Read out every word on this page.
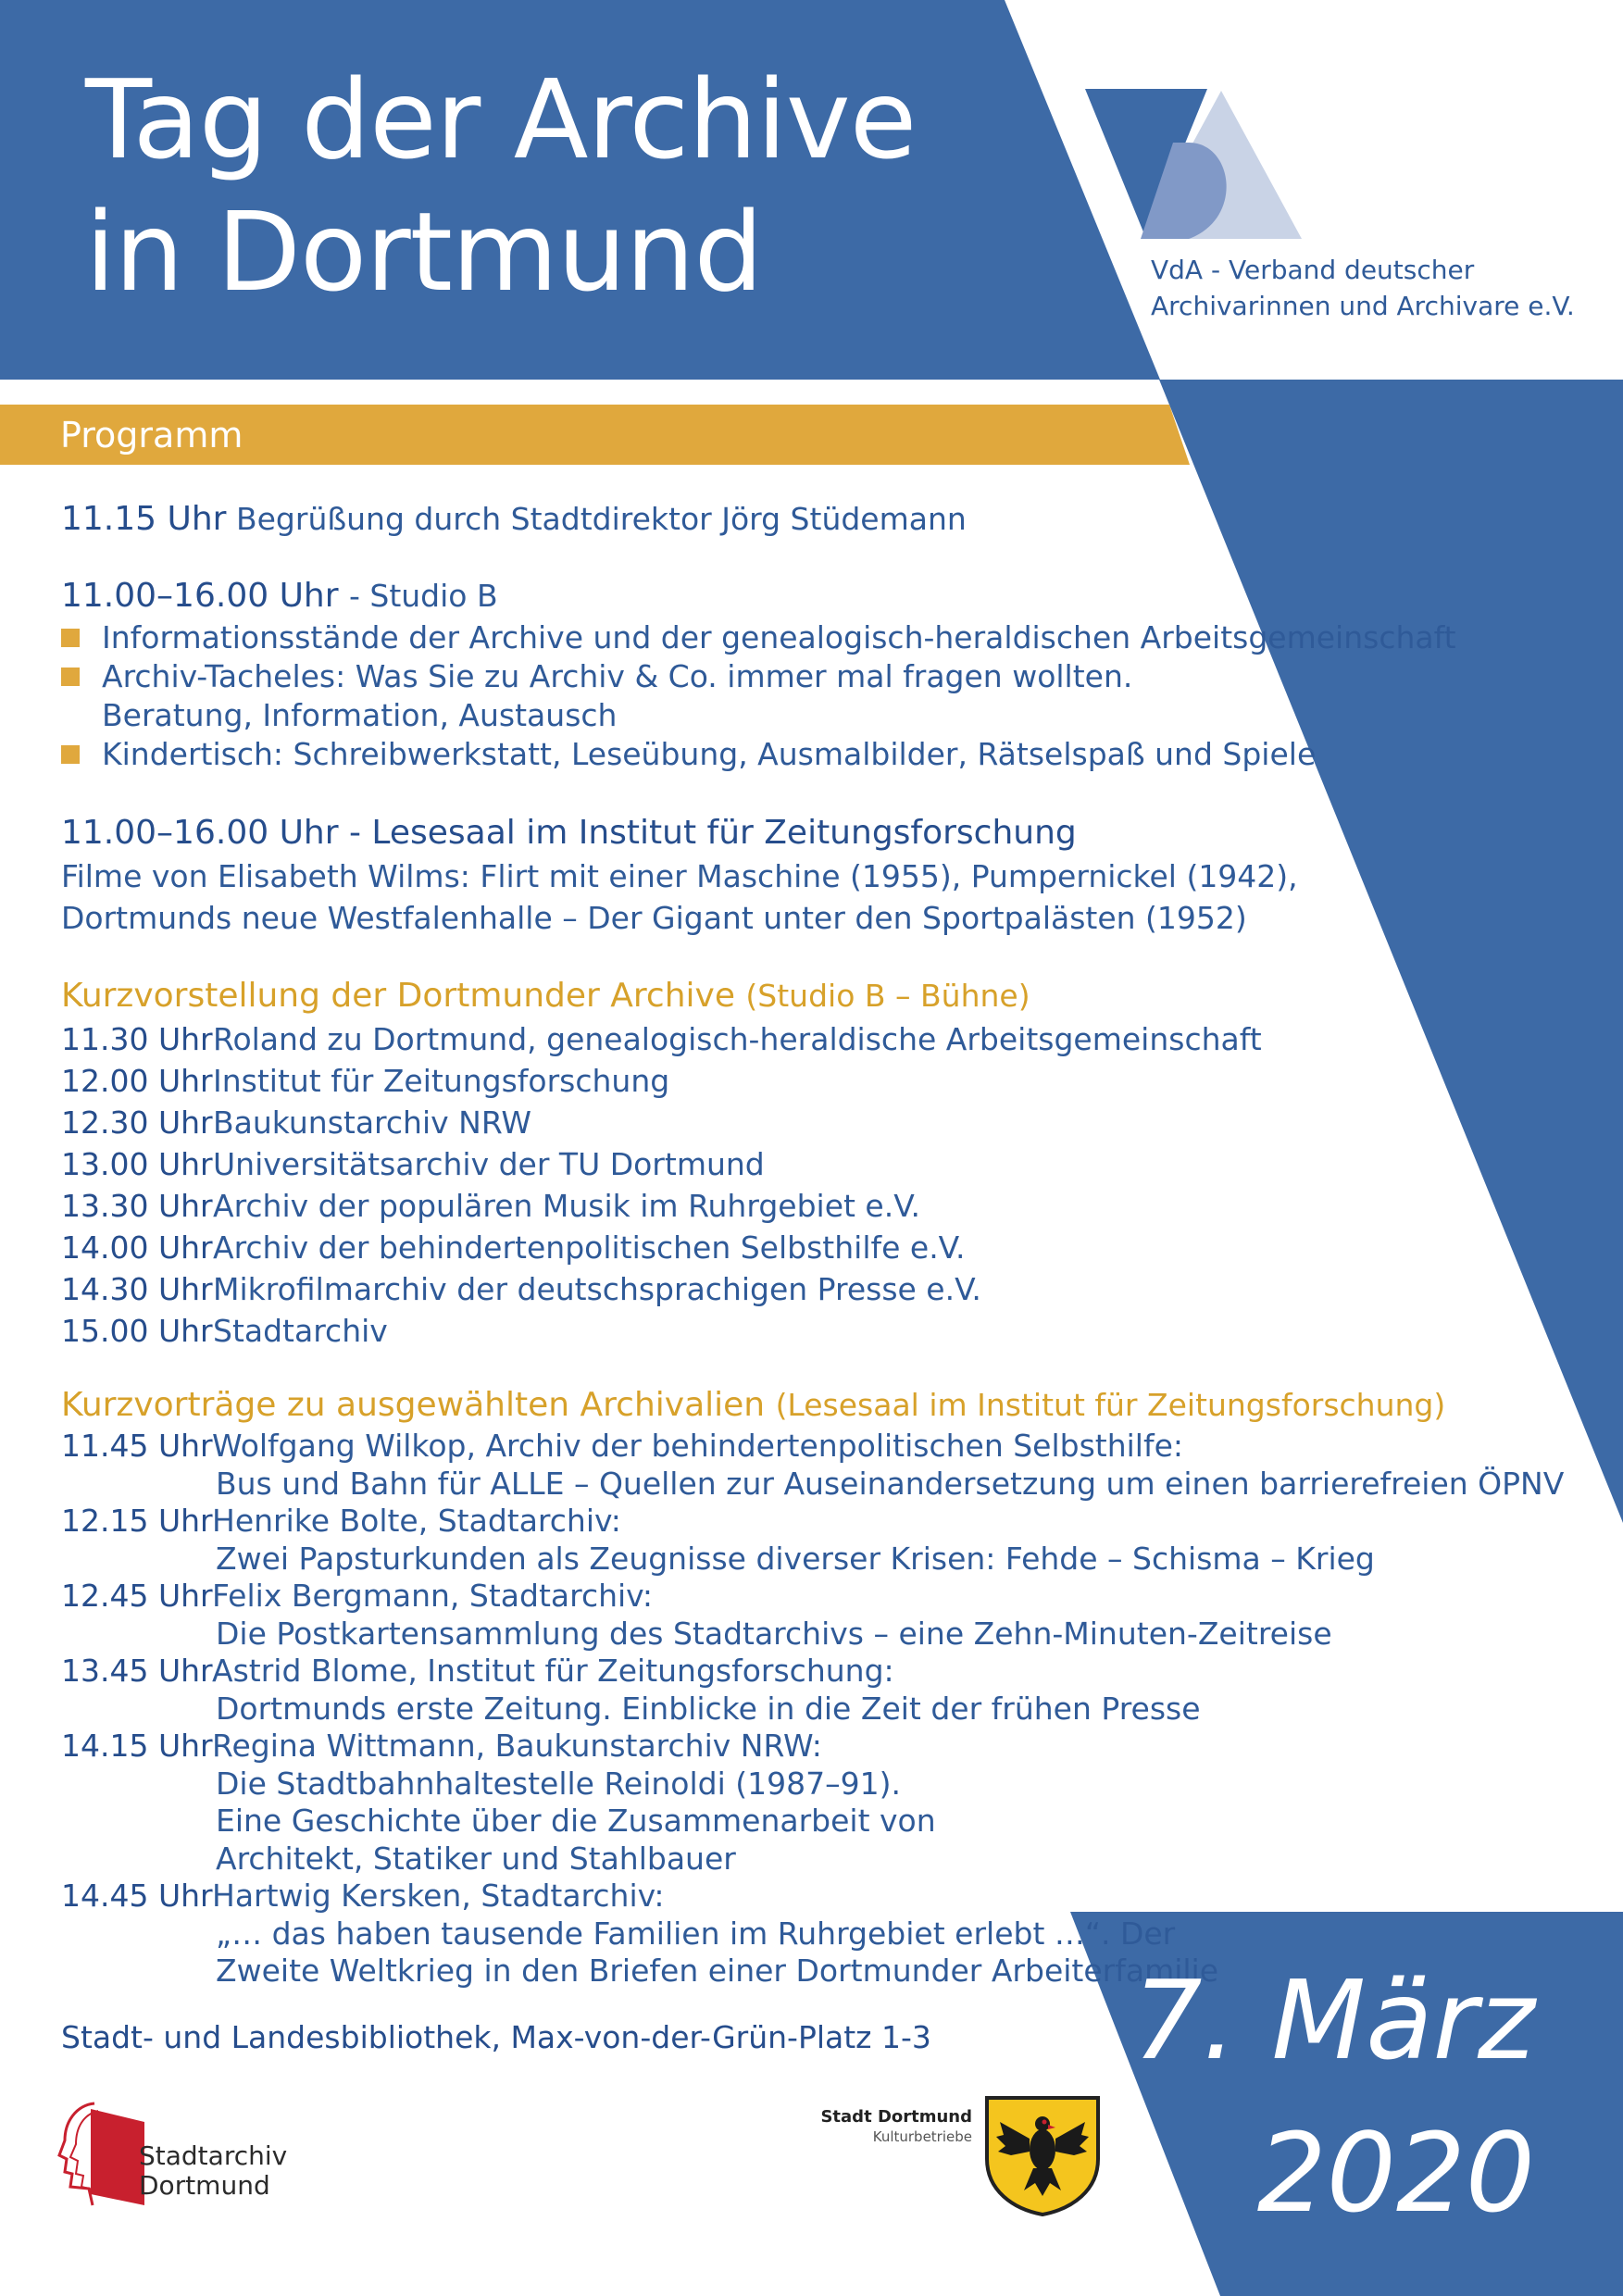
Tag der Archive
in Dortmund	VdA - Verband deutscher
Archivarinnen und Archivare e.V.
Programm
11.15 Uhr Begrüßung durch Stadtdirektor Jörg Stüdemann
11.00–16.00 Uhr - Studio B
Informationsstände der Archive und der genealogisch-heraldischen Arbeitsgemeinschaft
Archiv-Tacheles: Was Sie zu Archiv & Co. immer mal fragen wollten.
Beratung, Information, Austausch
Kindertisch: Schreibwerkstatt, Leseübung, Ausmalbilder, Rätselspaß und Spiele
11.00–16.00 Uhr - Lesesaal im Institut für Zeitungsforschung
Filme von Elisabeth Wilms: Flirt mit einer Maschine (1955), Pumpernickel (1942),
Dortmunds neue Westfalenhalle – Der Gigant unter den Sportpalästen (1952)
Kurzvorstellung der Dortmunder Archive (Studio B – Bühne)
11.30 Uhr Roland zu Dortmund, genealogisch-heraldische Arbeitsgemeinschaft
12.00 Uhr Institut für Zeitungsforschung
12.30 Uhr Baukunstarchiv NRW
13.00 Uhr Universitätsarchiv der TU Dortmund
13.30 Uhr Archiv der populären Musik im Ruhrgebiet e.V.
14.00 Uhr Archiv der behindertenpolitischen Selbsthilfe e.V.
14.30 Uhr Mikrofilmarchiv der deutschsprachigen Presse e.V.
15.00 Uhr Stadtarchiv
Kurzvorträge zu ausgewählten Archivalien (Lesesaal im Institut für Zeitungsforschung)
11.45 Uhr Wolfgang Wilkop, Archiv der behindertenpolitischen Selbsthilfe:
Bus und Bahn für ALLE – Quellen zur Auseinandersetzung um einen barrierefreien ÖPNV
12.15 Uhr Henrike Bolte, Stadtarchiv:
Zwei Papsturkunden als Zeugnisse diverser Krisen: Fehde – Schisma – Krieg
12.45 Uhr Felix Bergmann, Stadtarchiv:
Die Postkartensammlung des Stadtarchivs – eine Zehn-Minuten-Zeitreise
13.45 Uhr Astrid Blome, Institut für Zeitungsforschung:
Dortmunds erste Zeitung. Einblicke in die Zeit der frühen Presse
14.15 Uhr Regina Wittmann, Baukunstarchiv NRW:
Die Stadtbahnhaltestelle Reinoldi (1987–91).
Eine Geschichte über die Zusammenarbeit von
Architekt, Statiker und Stahlbauer
14.45 Uhr Hartwig Kersken, Stadtarchiv:
„… das haben tausende Familien im Ruhrgebiet erlebt …“. Der
Zweite Weltkrieg in den Briefen einer Dortmunder Arbeiterfamilie
Stadt- und Landesbibliothek, Max-von-der-Grün-Platz 1-3 7. März
2020
Stadtarchiv
Dortmund
Stadt Dortmund
Kulturbetriebe
